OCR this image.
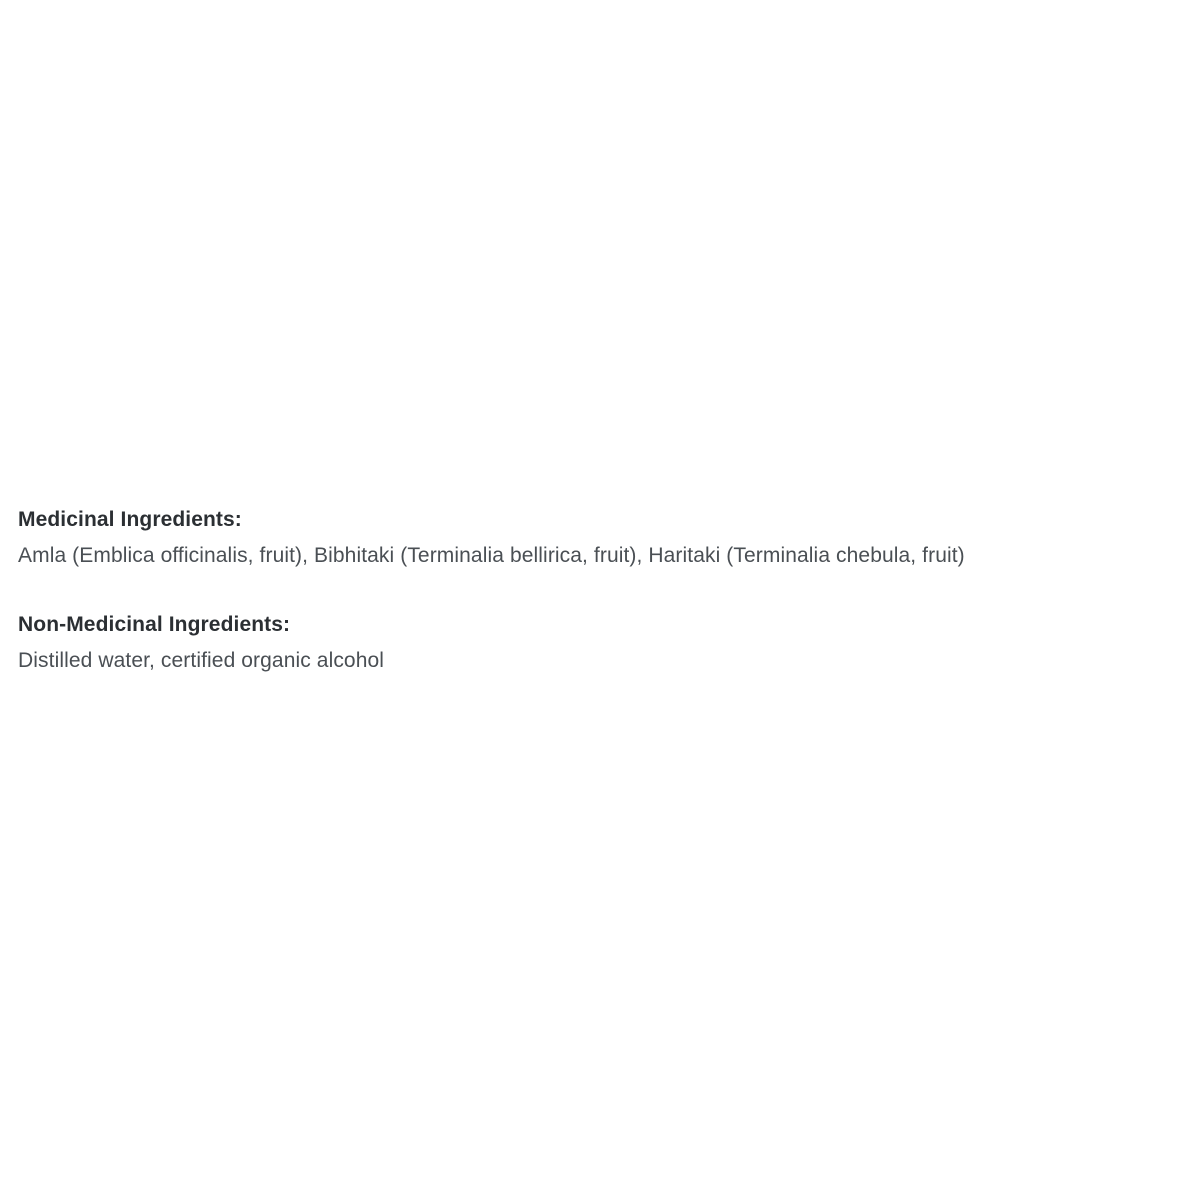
Medicinal Ingredients:
Amla (Emblica officinalis, fruit), Bibhitaki (Terminalia bellirica, fruit), Haritaki (Terminalia chebula, fruit)
Non-Medicinal Ingredients:
Distilled water, certified organic alcohol
